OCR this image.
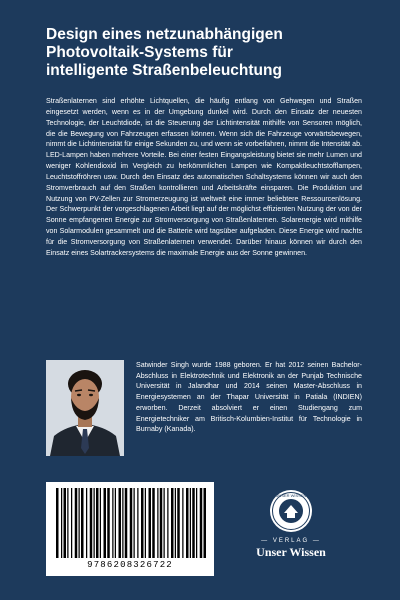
Design eines netzunabhängigen
Photovoltaik-Systems für
intelligente Straßenbeleuchtung

Straßenlaternen sind erhöhte Lichtquellen, die häufig entlang von Gehwegen und Straßen eingesetzt werden, wenn es in der Umgebung dunkel wird. Durch den Einsatz der neuesten Technologie, der Leuchtdiode, ist die Steuerung der Lichtintensität mithilfe von Sensoren möglich, die die Bewegung von Fahrzeugen erfassen können. Wenn sich die Fahrzeuge vorwärtsbewegen, nimmt die Lichtintensität für einige Sekunden zu, und wenn sie vorbeifahren, nimmt die Intensität ab. LED-Lampen haben mehrere Vorteile. Bei einer festen Eingangsleistung bietet sie mehr Lumen und weniger Kohlendioxid im Vergleich zu herkömmlichen Lampen wie Kompaktleuchtstofflampen, Leuchtstoffröhren usw. Durch den Einsatz des automatischen Schaltsystems können wir auch den Stromverbrauch auf den Straßen kontrollieren und Arbeitskräfte einsparen. Die Produktion und Nutzung von PV-Zellen zur Stromerzeugung ist weltweit eine immer beliebtere Ressourcenlösung. Der Schwerpunkt der vorgeschlagenen Arbeit liegt auf der möglichst effizienten Nutzung der von der Sonne empfangenen Energie zur Stromversorgung von Straßenlaternen. Solarenergie wird mithilfe von Solarmodulen gesammelt und die Batterie wird tagsüber aufgeladen. Diese Energie wird nachts für die Stromversorgung von Straßenlaternen verwendet. Darüber hinaus können wir durch den Einsatz eines Solartrackersystems die maximale Energie aus der Sonne gewinnen.

Satwinder Singh wurde 1988 geboren. Er hat 2012 seinen Bachelor-Abschluss in Elektrotechnik und Elektronik an der Punjab Technische Universität in Jalandhar und 2014 seinen Master-Abschluss in Energiesystemen an der Thapar Universität in Patiala (INDIEN) erworben. Derzeit absolviert er einen Studiengang zum Energietechniker am Britisch-Kolumbien-Institut für Technologie in Burnaby (Kanada).

9786208326722
UNSER WISSEN
— VERLAG —
Unser Wissen
